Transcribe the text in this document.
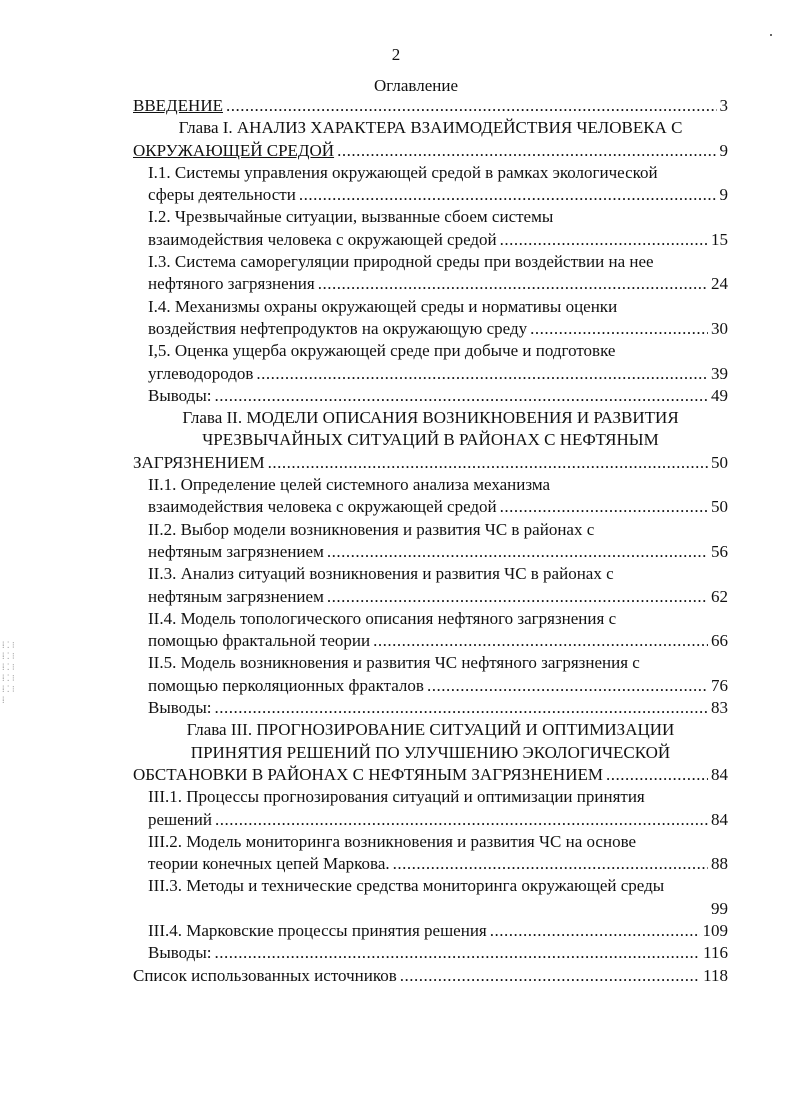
2
Оглавление
ВВЕДЕНИЕ .....	3
Глава I. АНАЛИЗ ХАРАКТЕРА ВЗАИМОДЕЙСТВИЯ ЧЕЛОВЕКА С
ОКРУЖАЮЩЕЙ СРЕДОЙ .....	9
I.1. Системы управления окружающей средой в рамках экологической
сферы деятельности .....	9
I.2. Чрезвычайные ситуации, вызванные сбоем системы
взаимодействия человека с окружающей средой .....	15
I.3. Система саморегуляции природной среды при воздействии на нее
нефтяного загрязнения .....	24
I.4. Механизмы охраны окружающей среды и нормативы оценки
воздействия нефтепродуктов на окружающую среду .....	30
I,5. Оценка ущерба окружающей среде при добыче и подготовке
углеводородов .....	39
Выводы: .....	49
Глава II. МОДЕЛИ ОПИСАНИЯ ВОЗНИКНОВЕНИЯ И РАЗВИТИЯ
ЧРЕЗВЫЧАЙНЫХ СИТУАЦИЙ В РАЙОНАХ С НЕФТЯНЫМ
ЗАГРЯЗНЕНИЕМ .....	50
II.1. Определение целей системного анализа механизма
взаимодействия человека с окружающей средой .....	50
II.2. Выбор модели возникновения и развития ЧС в районах с
нефтяным загрязнением .....	56
II.3. Анализ ситуаций возникновения и развития ЧС в районах с
нефтяным загрязнением .....	62
II.4. Модель топологического описания нефтяного загрязнения с
помощью фрактальной теории .....	66
II.5. Модель возникновения и развития ЧС нефтяного загрязнения с
помощью перколяционных фракталов .....	76
Выводы: .....	83
Глава III. ПРОГНОЗИРОВАНИЕ СИТУАЦИЙ И ОПТИМИЗАЦИИ
ПРИНЯТИЯ РЕШЕНИЙ ПО УЛУЧШЕНИЮ ЭКОЛОГИЧЕСКОЙ
ОБСТАНОВКИ В РАЙОНАХ С НЕФТЯНЫМ ЗАГРЯЗНЕНИЕМ .....	84
III.1. Процессы прогнозирования ситуаций и оптимизации принятия
решений .....	84
III.2. Модель мониторинга возникновения и развития ЧС на основе
теории конечных цепей Маркова. .....	88
III.3. Методы и технические средства мониторинга окружающей среды
99
III.4. Марковские процессы принятия решения .....	109
Выводы: .....	116
Список использованных источников .....	118
⁞ ⁚ ⁝ ⁞ ⁚ ⁝ ⁞ ⁚ ⁝ ⁞ ⁚ ⁝ ⁞ ⁚ ⁝ ⁞
